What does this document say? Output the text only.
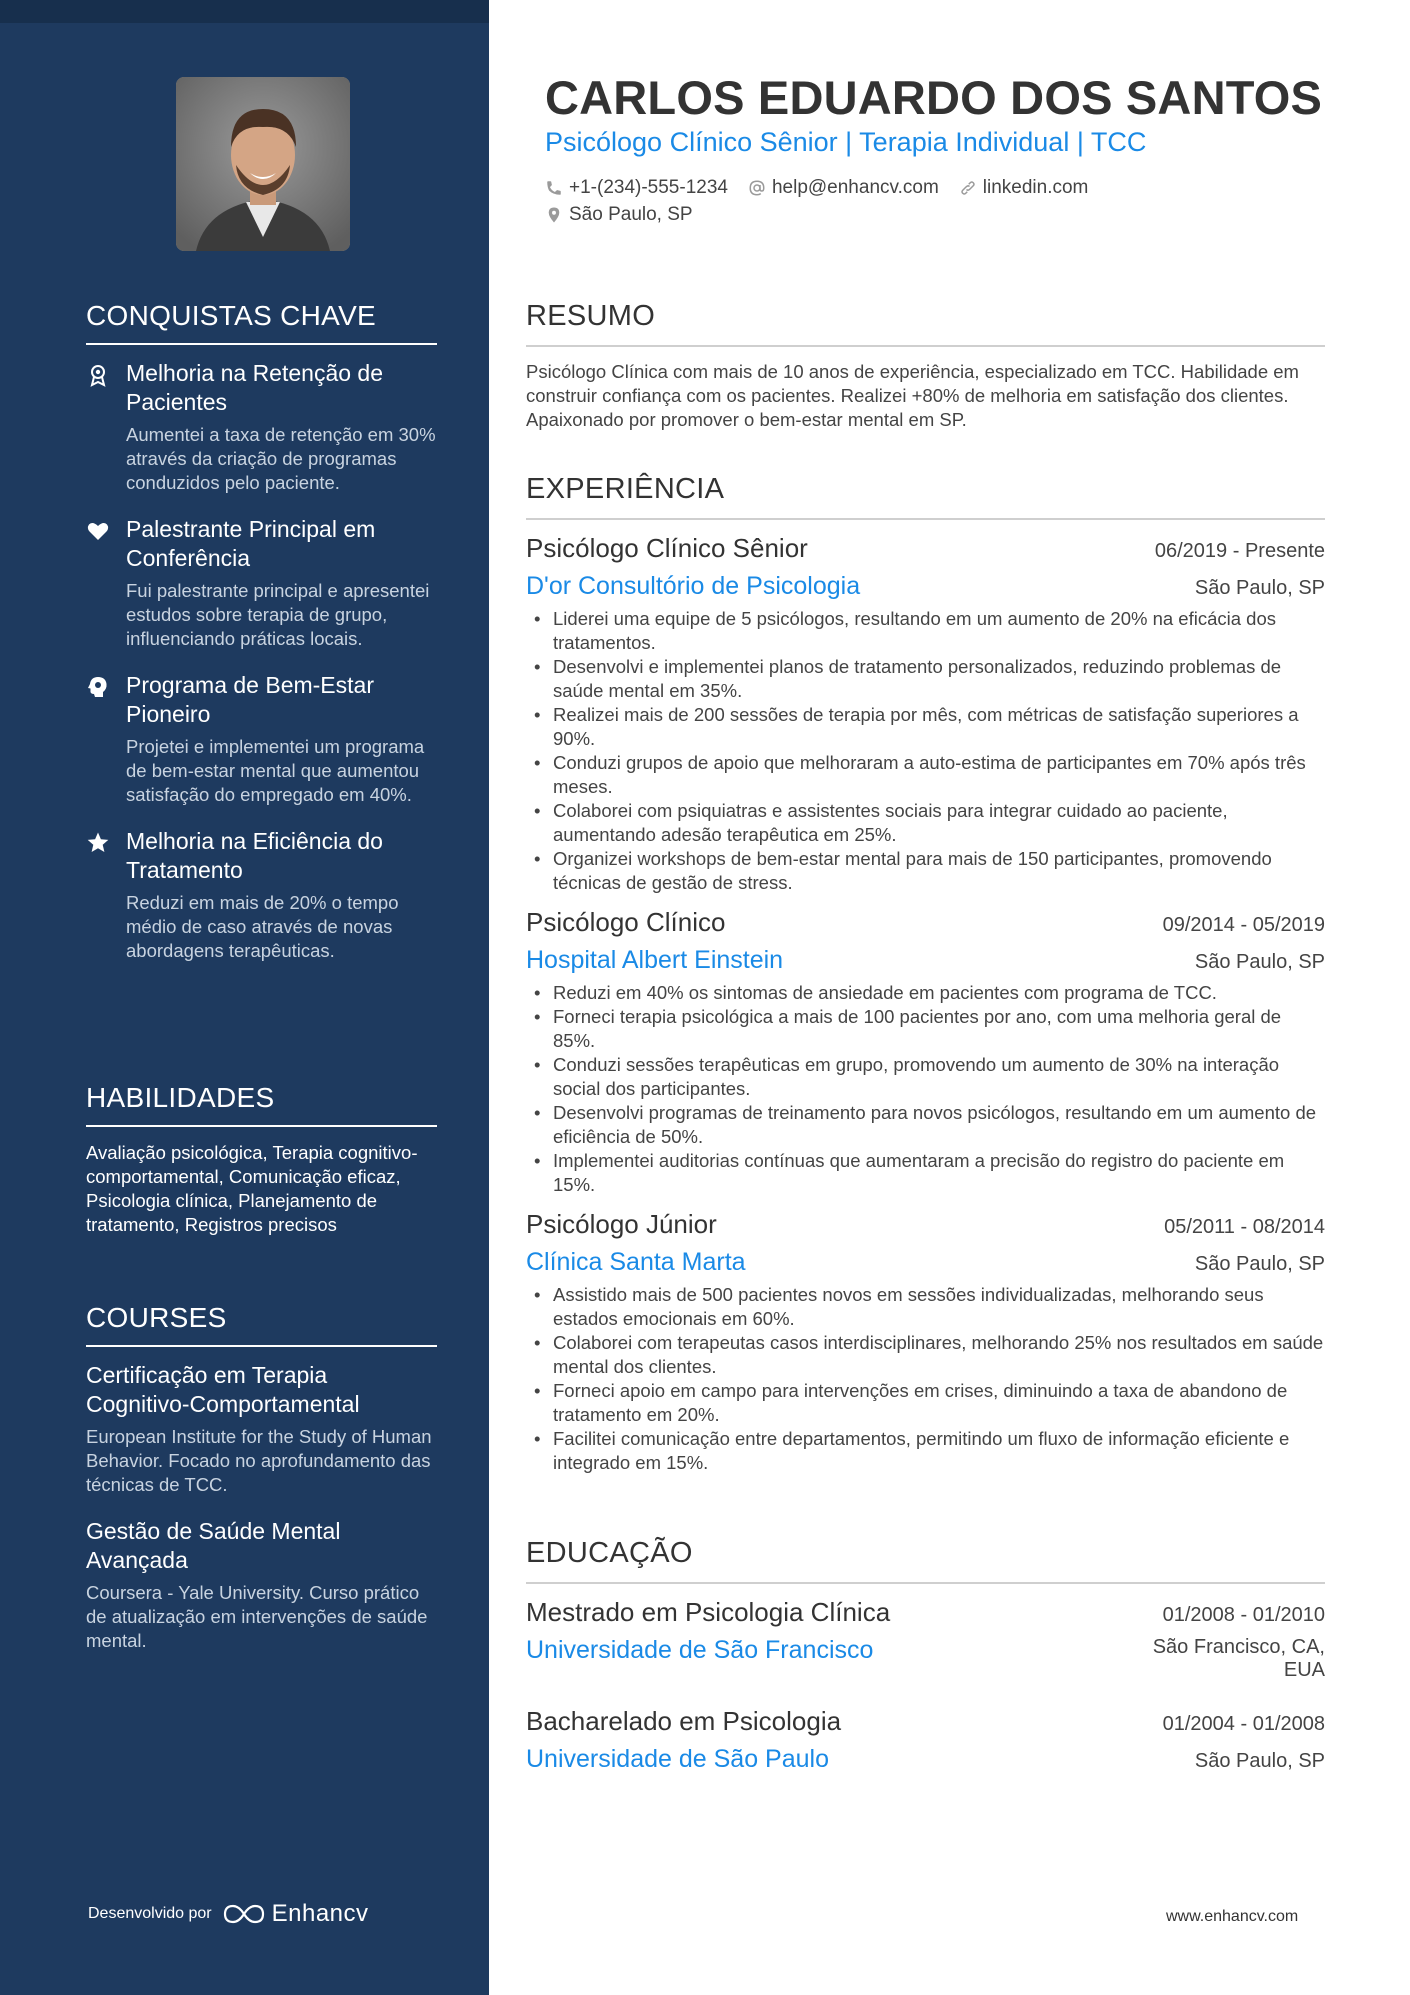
CONQUISTAS CHAVE
Melhoria na Retenção de Pacientes
Aumentei a taxa de retenção em 30% através da criação de programas conduzidos pelo paciente.
Palestrante Principal em Conferência
Fui palestrante principal e apresentei estudos sobre terapia de grupo, influenciando práticas locais.
Programa de Bem-Estar Pioneiro
Projetei e implementei um programa de bem-estar mental que aumentou satisfação do empregado em 40%.
Melhoria na Eficiência do Tratamento
Reduzi em mais de 20% o tempo médio de caso através de novas abordagens terapêuticas.
HABILIDADES
Avaliação psicológica, Terapia cognitivo-comportamental, Comunicação eficaz, Psicologia clínica, Planejamento de tratamento, Registros precisos
COURSES
Certificação em Terapia Cognitivo-Comportamental
European Institute for the Study of Human Behavior. Focado no aprofundamento das técnicas de TCC.
Gestão de Saúde Mental Avançada
Coursera - Yale University. Curso prático de atualização em intervenções de saúde mental.
Desenvolvido por	Enhancv
CARLOS EDUARDO DOS SANTOS
Psicólogo Clínico Sênior | Terapia Individual | TCC
+1-(234)-555-1234 help@enhancv.com linkedin.com
São Paulo, SP
RESUMO
Psicólogo Clínica com mais de 10 anos de experiência, especializado em TCC. Habilidade em construir confiança com os pacientes. Realizei +80% de melhoria em satisfação dos clientes. Apaixonado por promover o bem-estar mental em SP.
EXPERIÊNCIA
Psicólogo Clínico Sênior	06/2019 - Presente
D'or Consultório de Psicologia	São Paulo, SP
• Liderei uma equipe de 5 psicólogos, resultando em um aumento de 20% na eficácia dos tratamentos.
• Desenvolvi e implementei planos de tratamento personalizados, reduzindo problemas de saúde mental em 35%.
• Realizei mais de 200 sessões de terapia por mês, com métricas de satisfação superiores a 90%.
• Conduzi grupos de apoio que melhoraram a auto-estima de participantes em 70% após três meses.
• Colaborei com psiquiatras e assistentes sociais para integrar cuidado ao paciente, aumentando adesão terapêutica em 25%.
• Organizei workshops de bem-estar mental para mais de 150 participantes, promovendo técnicas de gestão de stress.
Psicólogo Clínico	09/2014 - 05/2019
Hospital Albert Einstein	São Paulo, SP
• Reduzi em 40% os sintomas de ansiedade em pacientes com programa de TCC.
• Forneci terapia psicológica a mais de 100 pacientes por ano, com uma melhoria geral de 85%.
• Conduzi sessões terapêuticas em grupo, promovendo um aumento de 30% na interação social dos participantes.
• Desenvolvi programas de treinamento para novos psicólogos, resultando em um aumento de eficiência de 50%.
• Implementei auditorias contínuas que aumentaram a precisão do registro do paciente em 15%.
Psicólogo Júnior	05/2011 - 08/2014
Clínica Santa Marta	São Paulo, SP
• Assistido mais de 500 pacientes novos em sessões individualizadas, melhorando seus estados emocionais em 60%.
• Colaborei com terapeutas casos interdisciplinares, melhorando 25% nos resultados em saúde mental dos clientes.
• Forneci apoio em campo para intervenções em crises, diminuindo a taxa de abandono de tratamento em 20%.
• Facilitei comunicação entre departamentos, permitindo um fluxo de informação eficiente e integrado em 15%.
EDUCAÇÃO
Mestrado em Psicologia Clínica	01/2008 - 01/2010
Universidade de São Francisco	São Francisco, CA, EUA
Bacharelado em Psicologia	01/2004 - 01/2008
Universidade de São Paulo	São Paulo, SP
www.enhancv.com
